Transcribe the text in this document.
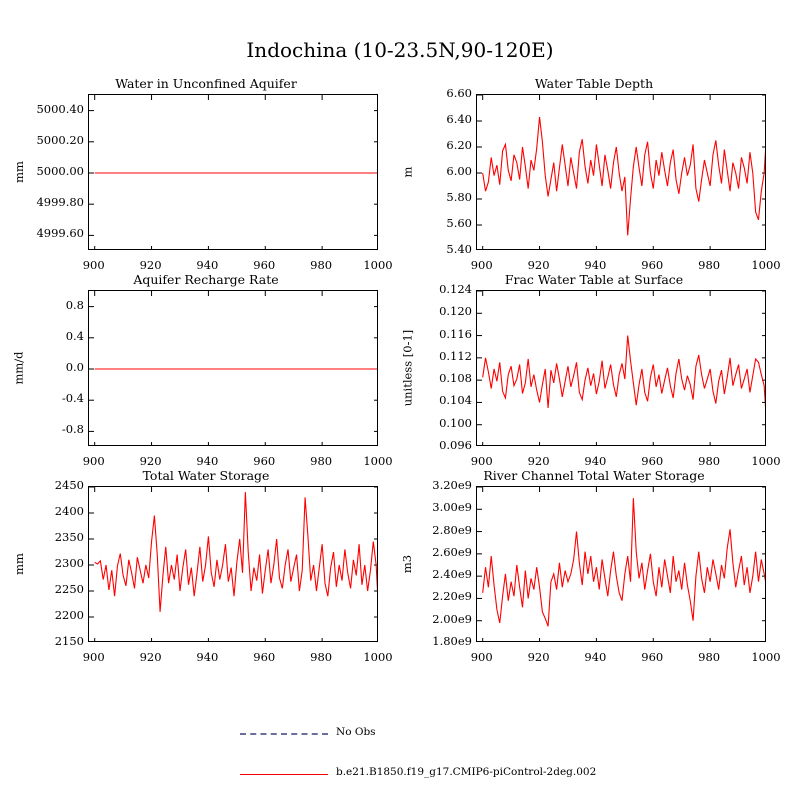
Indochina (10-23.5N,90-120E)
Water in Unconfined Aquifer
mm
4999.60
4999.80
5000.00
5000.20
5000.40
900	920	940	960	980	1000
Water Table Depth
m
5.40
5.60
5.80
6.00
6.20
6.40
6.60
900	920	940	960	980	1000
Aquifer Recharge Rate
mm/d
-0.8
-0.4
0.0
0.4
0.8
900	920	940	960	980	1000
Frac Water Table at Surface
unitless [0-1]
0.096
0.100
0.104
0.108
0.112
0.116
0.120
0.124
900	920	940	960	980	1000
Total Water Storage
mm
2150
2200
2250
2300
2350
2400
2450
900	920	940	960	980	1000
River Channel Total Water Storage
m3
1.80e9
2.00e9
2.20e9
2.40e9
2.60e9
2.80e9
3.00e9
3.20e9
900	920	940	960	980	1000
No Obs
b.e21.B1850.f19_g17.CMIP6-piControl-2deg.002
